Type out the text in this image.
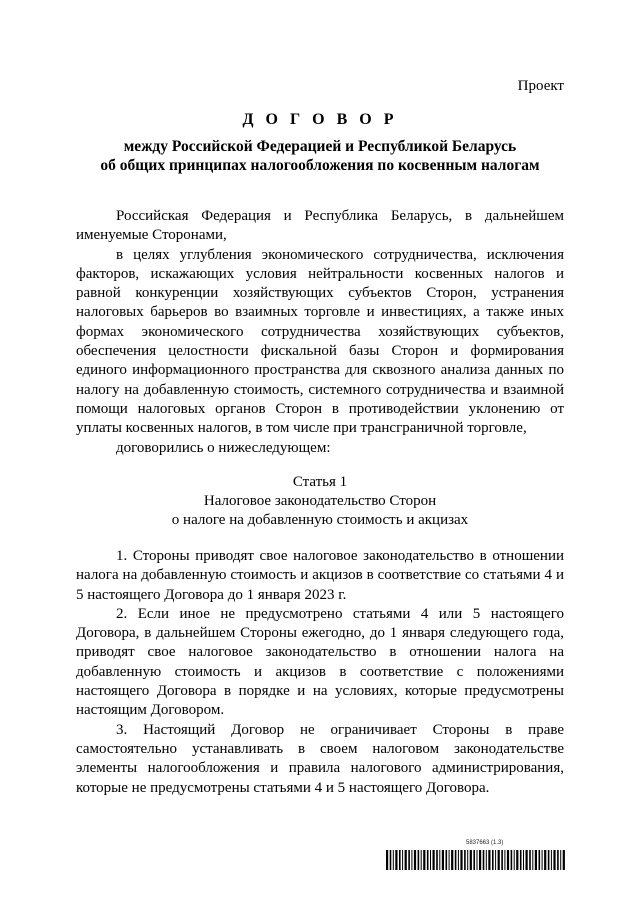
Проект
Д О Г О В О Р
между Российской Федерацией и Республикой Беларусь
об общих принципах налогообложения по косвенным налогам

Российская Федерация и Республика Беларусь, в дальнейшем именуемые Сторонами,

в целях углубления экономического сотрудничества, исключения факторов, искажающих условия нейтральности косвенных налогов и равной конкуренции хозяйствующих субъектов Сторон, устранения налоговых барьеров во взаимных торговле и инвестициях, а также иных формах экономического сотрудничества хозяйствующих субъектов, обеспечения целостности фискальной базы Сторон и формирования единого информационного пространства для сквозного анализа данных по налогу на добавленную стоимость, системного сотрудничества и взаимной помощи налоговых органов Сторон в противодействии уклонению от уплаты косвенных налогов, в том числе при трансграничной торговле,

договорились о нижеследующем:

Статья 1
Налоговое законодательство Сторон
о налоге на добавленную стоимость и акцизах

1. Стороны приводят свое налоговое законодательство в отношении налога на добавленную стоимость и акцизов в соответствие со статьями 4 и 5 настоящего Договора до 1 января 2023 г.

2. Если иное не предусмотрено статьями 4 или 5 настоящего Договора, в дальнейшем Стороны ежегодно, до 1 января следующего года, приводят свое налоговое законодательство в отношении налога на добавленную стоимость и акцизов в соответствие с положениями настоящего Договора в порядке и на условиях, которые предусмотрены настоящим Договором.

3. Настоящий Договор не ограничивает Стороны в праве самостоятельно устанавливать в своем налоговом законодательстве элементы налогообложения и правила налогового администрирования, которые не предусмотрены статьями 4 и 5 настоящего Договора.

5837663 (1.3)
